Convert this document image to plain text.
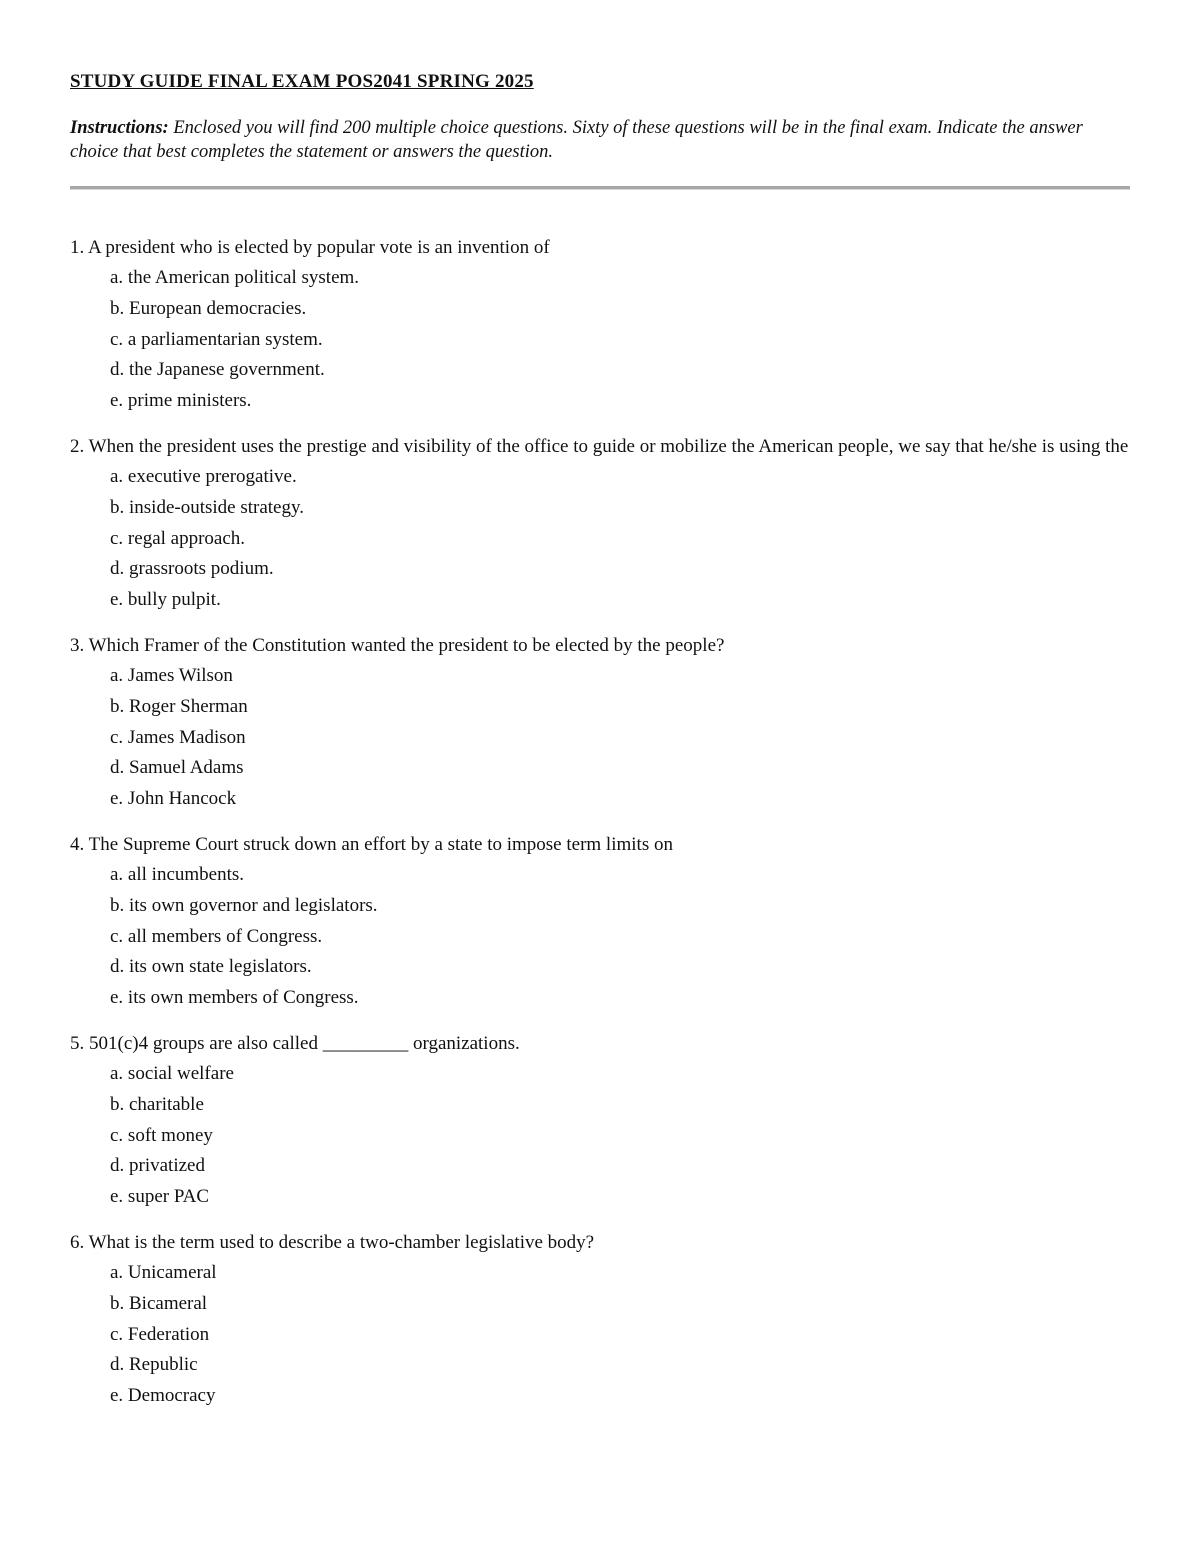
STUDY GUIDE FINAL EXAM POS2041 SPRING 2025
Instructions: Enclosed you will find 200 multiple choice questions. Sixty of these questions will be in the final exam. Indicate the answer choice that best completes the statement or answers the question.
1. A president who is elected by popular vote is an invention of
a. the American political system.
b. European democracies.
c. a parliamentarian system.
d. the Japanese government.
e. prime ministers.
2. When the president uses the prestige and visibility of the office to guide or mobilize the American people, we say that he/she is using the
a. executive prerogative.
b. inside-outside strategy.
c. regal approach.
d. grassroots podium.
e. bully pulpit.
3. Which Framer of the Constitution wanted the president to be elected by the people?
a. James Wilson
b. Roger Sherman
c. James Madison
d. Samuel Adams
e. John Hancock
4. The Supreme Court struck down an effort by a state to impose term limits on
a. all incumbents.
b. its own governor and legislators.
c. all members of Congress.
d. its own state legislators.
e. its own members of Congress.
5. 501(c)4 groups are also called _________ organizations.
a. social welfare
b. charitable
c. soft money
d. privatized
e. super PAC
6. What is the term used to describe a two-chamber legislative body?
a. Unicameral
b. Bicameral
c. Federation
d. Republic
e. Democracy
